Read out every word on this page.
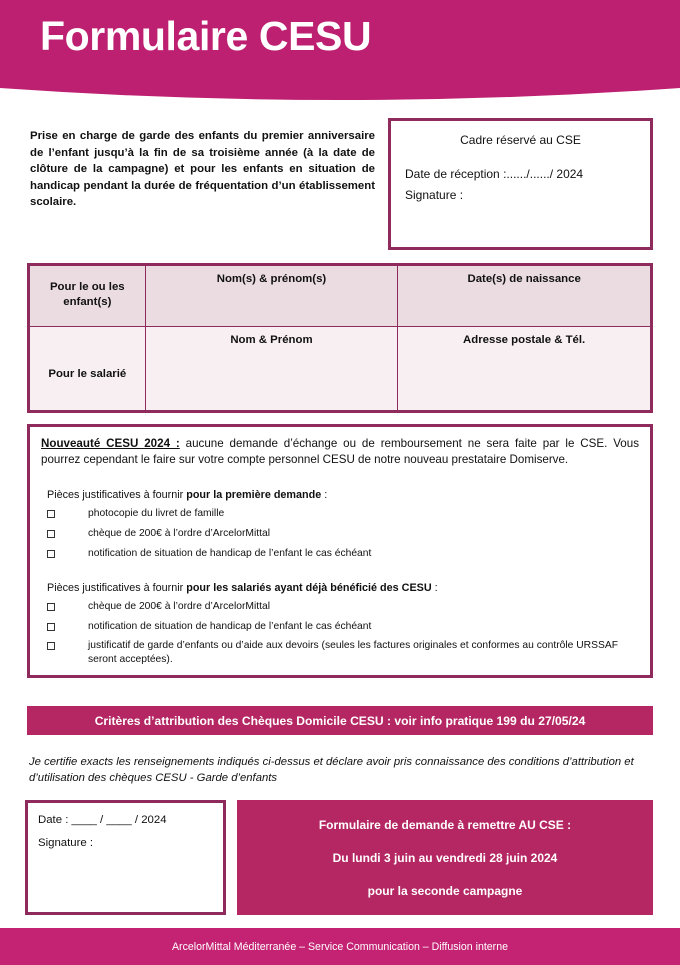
Formulaire CESU
Prise en charge de garde des enfants du premier anniversaire de l’enfant jusqu’à la fin de sa troisième année (à la date de clôture de la campagne) et pour les enfants en situation de handicap pendant la durée de fréquentation d’un établissement scolaire.
Cadre réservé au CSE
Date de réception :....../....../ 2024
Signature :
Pour le ou les enfant(s)	Nom(s) & prénom(s)	Date(s) de naissance

Pour le salarié	Nom & Prénom	Adresse postale & Tél.

Nouveauté CESU 2024 : aucune demande d’échange ou de remboursement ne sera faite par le CSE. Vous pourrez cependant le faire sur votre compte personnel CESU de notre nouveau prestataire Domiserve.

Pièces justificatives à fournir pour la première demande :
photocopie du livret de famille
chèque de 200€ à l’ordre d’ArcelorMittal
notification de situation de handicap de l’enfant le cas échéant
Pièces justificatives à fournir pour les salariés ayant déjà bénéficié des CESU :
chèque de 200€ à l’ordre d’ArcelorMittal
notification de situation de handicap de l’enfant le cas échéant
justificatif de garde d’enfants ou d’aide aux devoirs (seules les factures originales et conformes au contrôle URSSAF seront acceptées).
Critères d’attribution des Chèques Domicile CESU : voir info pratique 199 du 27/05/24
Je certifie exacts les renseignements indiqués ci-dessus et déclare avoir pris connaissance des conditions d’attribution et d’utilisation des chèques CESU - Garde d’enfants
Date : ____ / ____ / 2024
Signature :
Formulaire de demande à remettre AU CSE :
Du lundi 3 juin au vendredi 28 juin 2024
pour la seconde campagne
ArcelorMittal Méditerranée – Service Communication – Diffusion interne
